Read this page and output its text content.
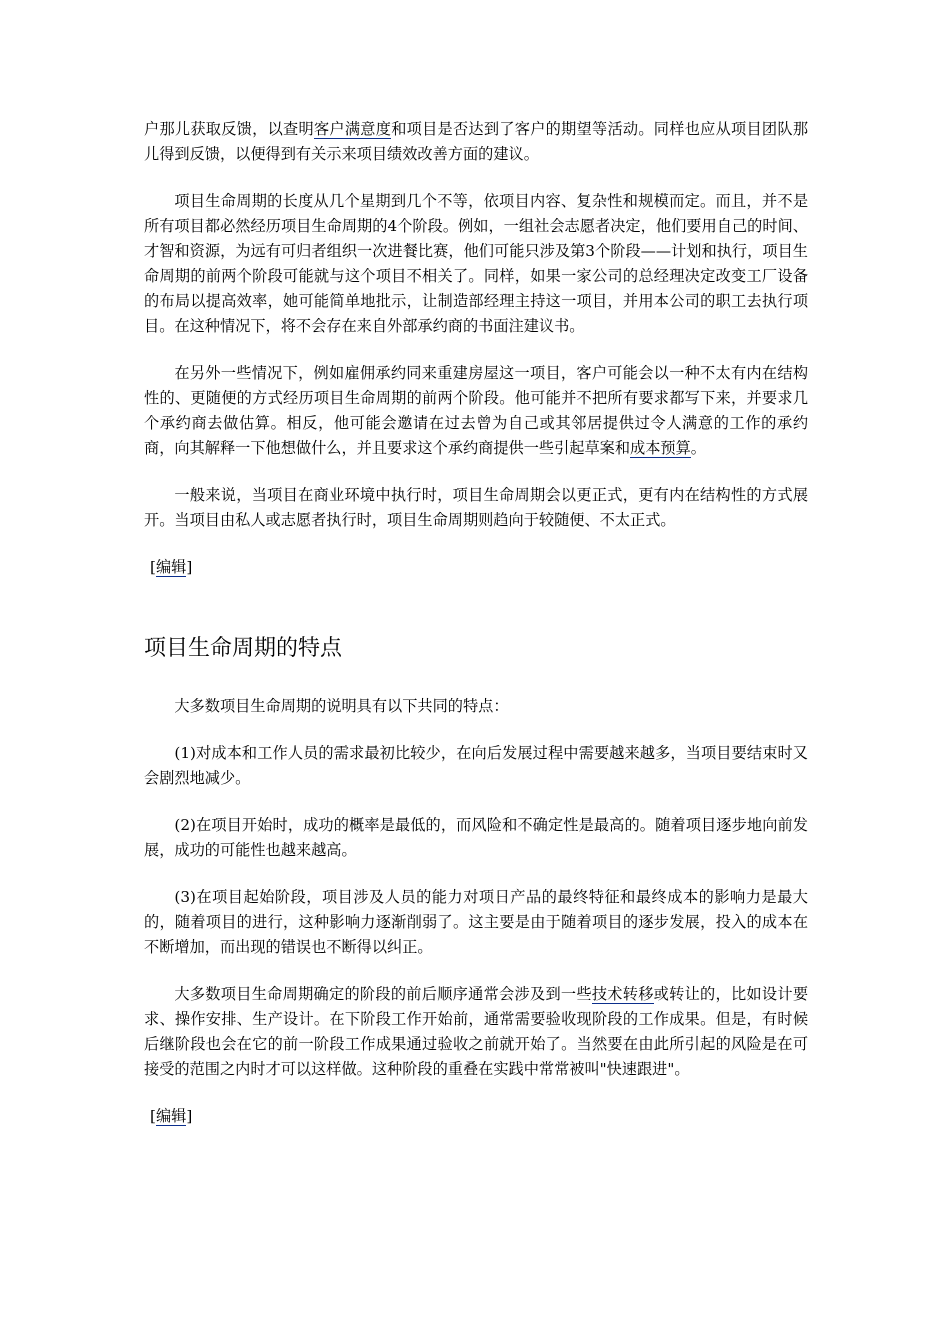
户那儿获取反馈，以查明客户满意度和项目是否达到了客户的期望等活动。同样也应从项目团队那儿得到反馈，以便得到有关示来项目绩效改善方面的建议。

项目生命周期的长度从几个星期到几个不等，依项目内容、复杂性和规模而定。而且，并不是所有项目都必然经历项目生命周期的4个阶段。例如，一组社会志愿者决定，他们要用自己的时间、才智和资源，为远有可归者组织一次进餐比赛，他们可能只涉及第3个阶段——计划和执行，项目生命周期的前两个阶段可能就与这个项目不相关了。同样，如果一家公司的总经理决定改变工厂设备的布局以提高效率，她可能简单地批示，让制造部经理主持这一项目，并用本公司的职工去执行项目。在这种情况下，将不会存在来自外部承约商的书面注建议书。

在另外一些情况下，例如雇佣承约同来重建房屋这一项目，客户可能会以一种不太有内在结构性的、更随便的方式经历项目生命周期的前两个阶段。他可能并不把所有要求都写下来，并要求几个承约商去做估算。相反，他可能会邀请在过去曾为自己或其邻居提供过令人满意的工作的承约商，向其解释一下他想做什么，并且要求这个承约商提供一些引起草案和成本预算。

一般来说，当项目在商业环境中执行时，项目生命周期会以更正式，更有内在结构性的方式展开。当项目由私人或志愿者执行时，项目生命周期则趋向于较随便、不太正式。

[编辑]
项目生命周期的特点

大多数项目生命周期的说明具有以下共同的特点：

(1)对成本和工作人员的需求最初比较少，在向后发展过程中需要越来越多，当项目要结束时又会剧烈地减少。

(2)在项目开始时，成功的概率是最低的，而风险和不确定性是最高的。随着项目逐步地向前发展，成功的可能性也越来越高。

(3)在项目起始阶段，项目涉及人员的能力对项日产品的最终特征和最终成本的影响力是最大的，随着项目的进行，这种影响力逐渐削弱了。这主要是由于随着项目的逐步发展，投入的成本在不断增加，而出现的错误也不断得以纠正。

大多数项目生命周期确定的阶段的前后顺序通常会涉及到一些技术转移或转让的，比如设计要求、操作安排、生产设计。在下阶段工作开始前，通常需要验收现阶段的工作成果。但是，有时候后继阶段也会在它的前一阶段工作成果通过验收之前就开始了。当然要在由此所引起的风险是在可接受的范围之内时才可以这样做。这种阶段的重叠在实践中常常被叫"快速跟进"。

[编辑]
